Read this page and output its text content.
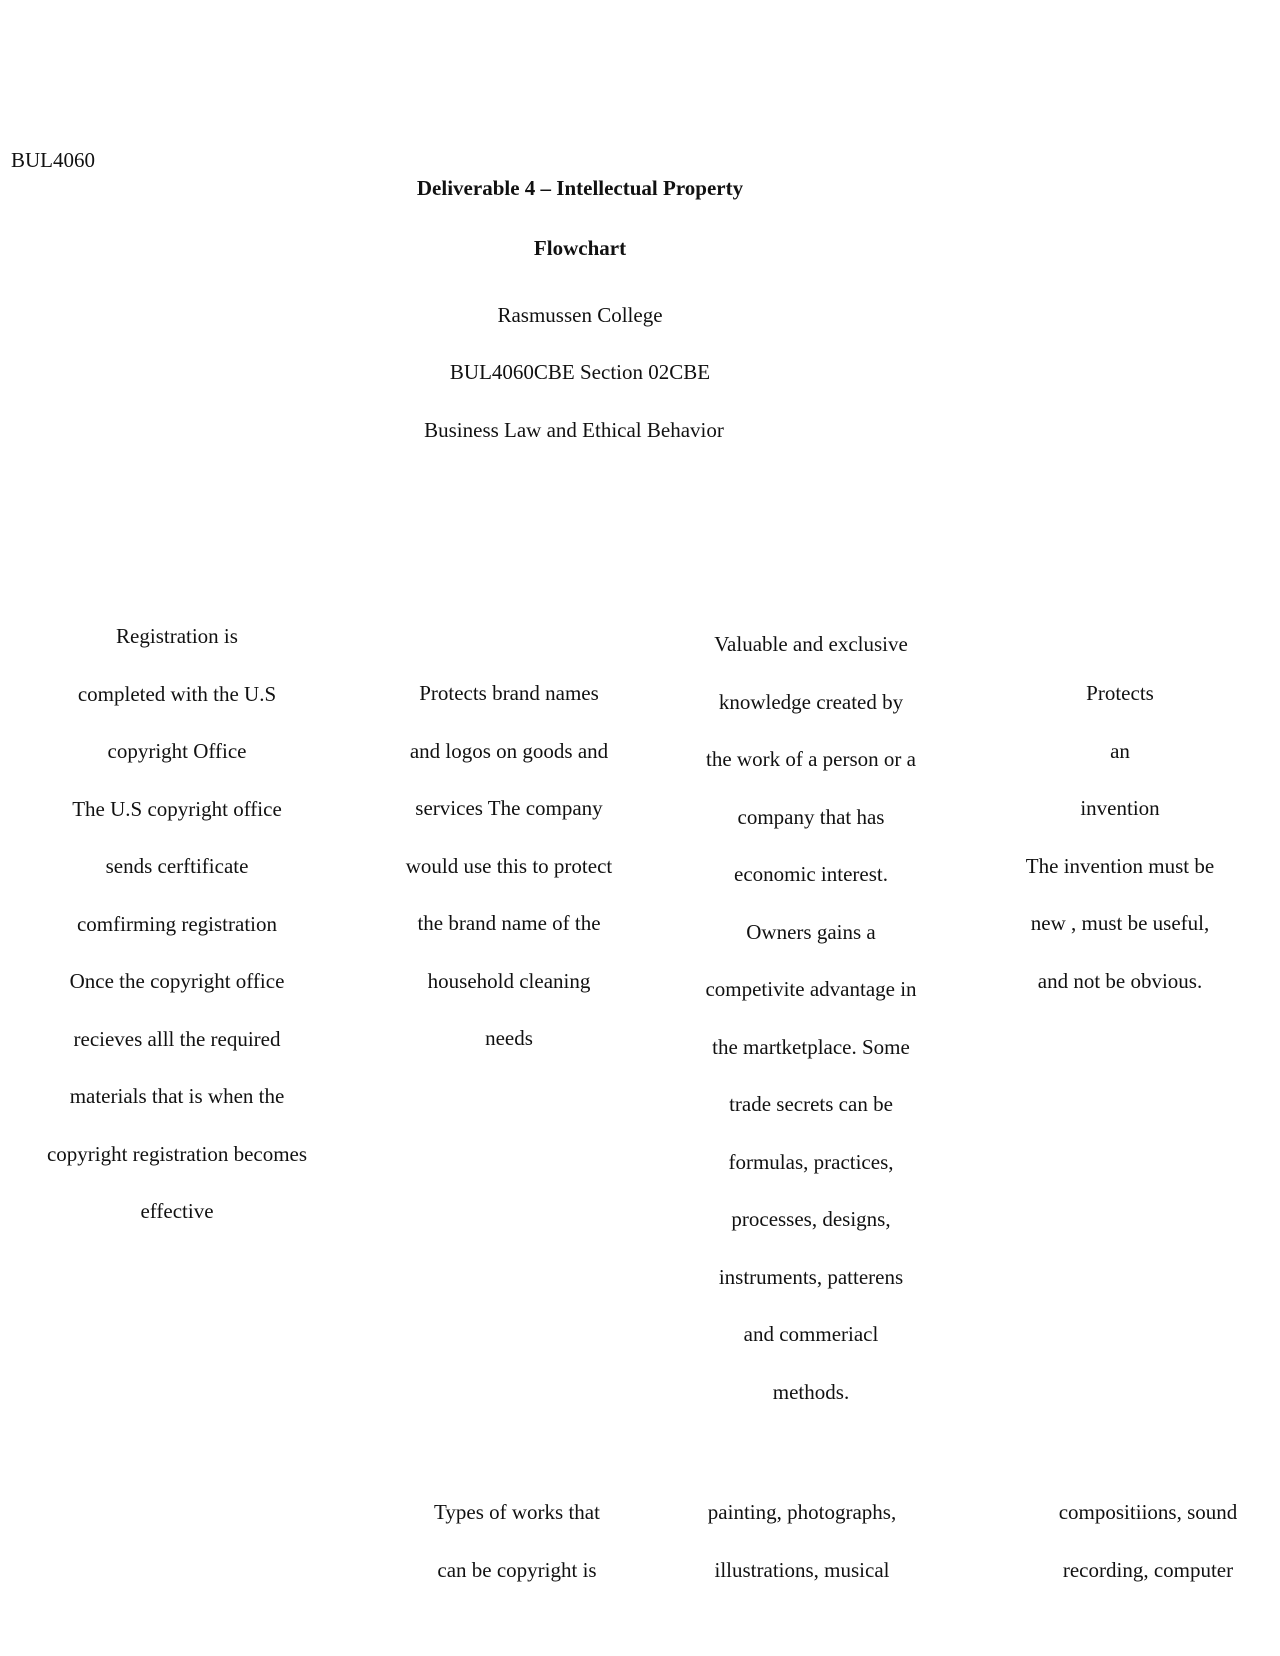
BUL4060
Deliverable 4 – Intellectual Property
Flowchart
Rasmussen College
BUL4060CBE Section 02CBE
Business Law and Ethical Behavior
Registration is
completed with the U.S
copyright Office
The U.S copyright office
sends cerftificate
comfirming registration
Once the copyright office
recieves alll the required
materials that is when the
copyright registration becomes
effective
Protects brand names
and logos on goods and
services The company
would use this to protect
the brand name of the
household cleaning
needs
Valuable and exclusive
knowledge created by
the work of a person or a
company that has
economic interest.
Owners gains a
competivite advantage in
the martketplace. Some
trade secrets can be
formulas, practices,
processes, designs,
instruments, patterens
and commeriacl
methods.
Protects
an
invention
The invention must be
new , must be useful,
and not be obvious.
Types of works that
can be copyright is
painting, photographs,
illustrations, musical
compositiions, sound
recording, computer
